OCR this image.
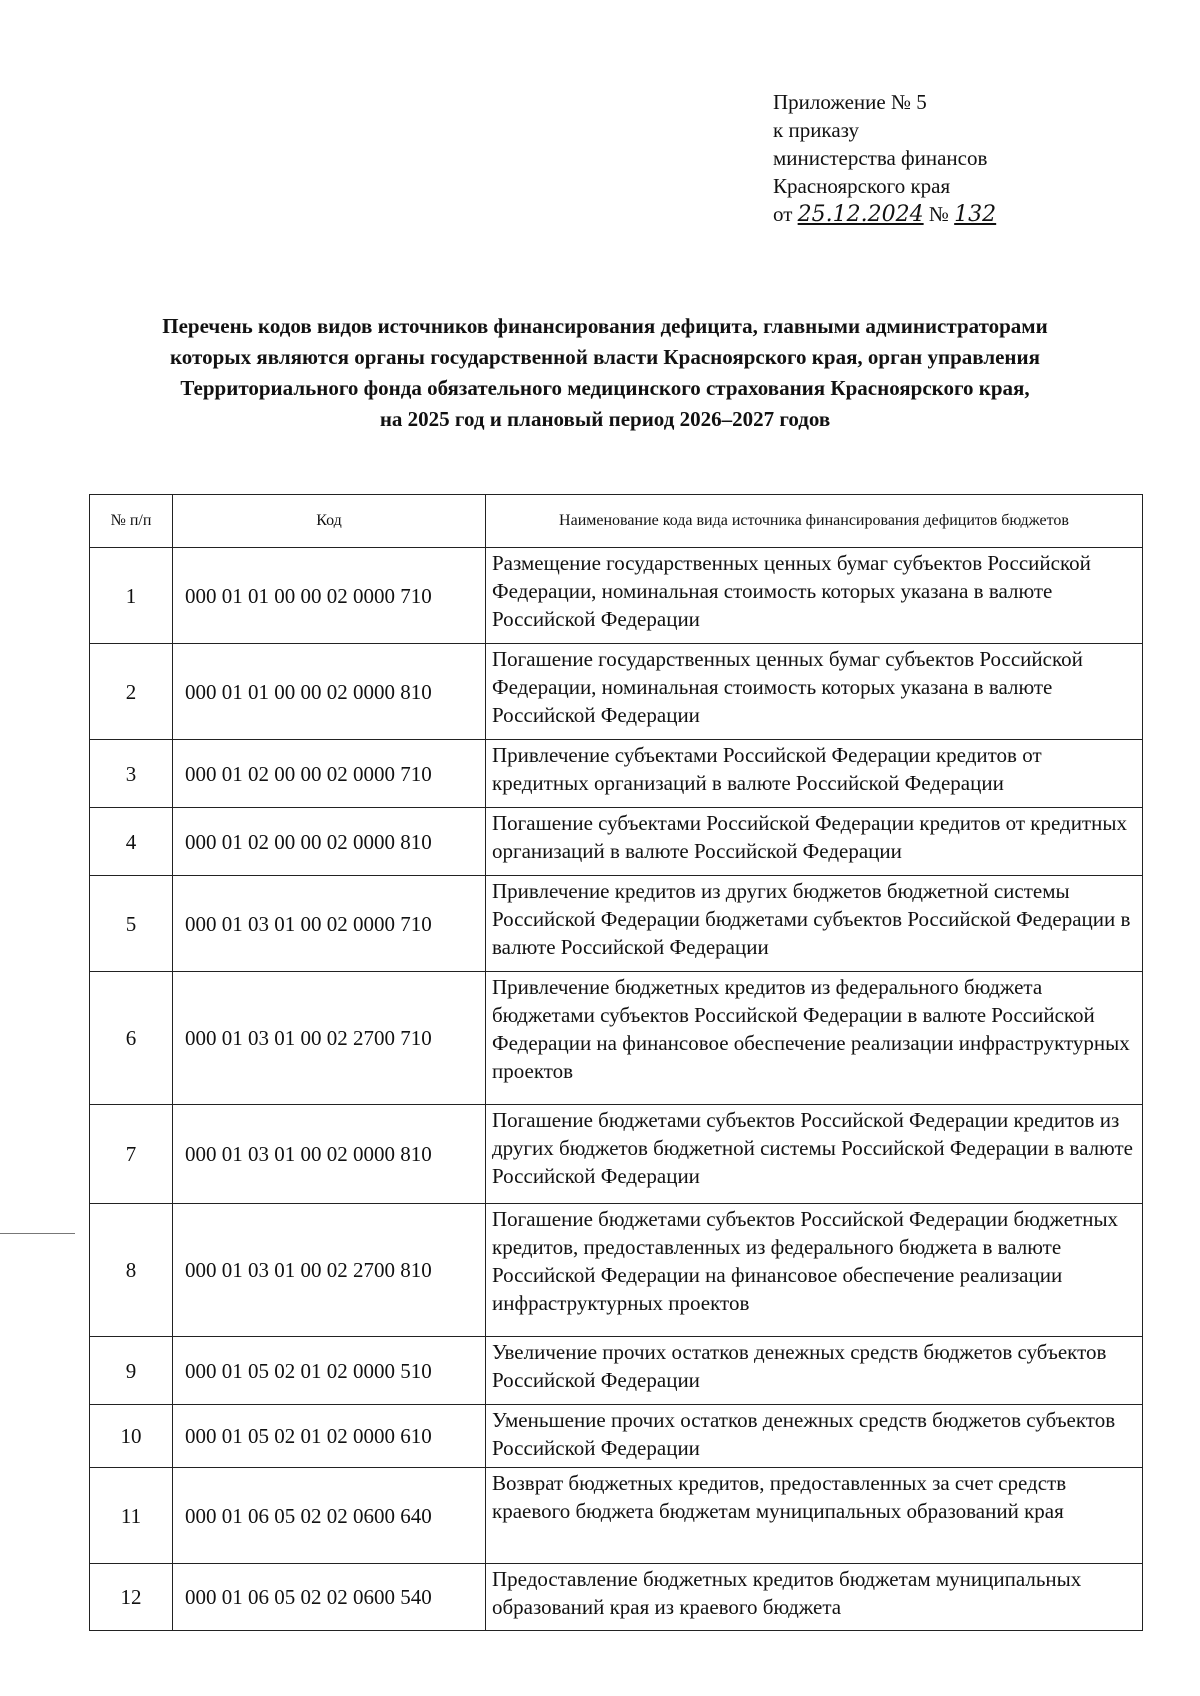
Приложение № 5
к приказу
министерства финансов
Красноярского края
от 25.12.2024 № 132
Перечень кодов видов источников финансирования дефицита, главными администраторами
которых являются органы государственной власти Красноярского края, орган управления
Территориального фонда обязательного медицинского страхования Красноярского края,
на 2025 год и плановый период 2026–2027 годов
№ п/п	Код	Наименование кода вида источника финансирования дефицитов бюджетов
1	000 01 01 00 00 02 0000 710	Размещение государственных ценных бумаг субъектов Российской Федерации, номинальная стоимость которых указана в валюте Российской Федерации
2	000 01 01 00 00 02 0000 810	Погашение государственных ценных бумаг субъектов Российской Федерации, номинальная стоимость которых указана в валюте Российской Федерации
3	000 01 02 00 00 02 0000 710	Привлечение субъектами Российской Федерации кредитов от кредитных организаций в валюте Российской Федерации
4	000 01 02 00 00 02 0000 810	Погашение субъектами Российской Федерации кредитов от кредитных организаций в валюте Российской Федерации
5	000 01 03 01 00 02 0000 710	Привлечение кредитов из других бюджетов бюджетной системы Российской Федерации бюджетами субъектов Российской Федерации в валюте Российской Федерации
6	000 01 03 01 00 02 2700 710	Привлечение бюджетных кредитов из федерального бюджета бюджетами субъектов Российской Федерации в валюте Российской Федерации на финансовое обеспечение реализации инфраструктурных проектов
7	000 01 03 01 00 02 0000 810	Погашение бюджетами субъектов Российской Федерации кредитов из других бюджетов бюджетной системы Российской Федерации в валюте Российской Федерации
8	000 01 03 01 00 02 2700 810	Погашение бюджетами субъектов Российской Федерации бюджетных кредитов, предоставленных из федерального бюджета в валюте Российской Федерации на финансовое обеспечение реализации инфраструктурных проектов
9	000 01 05 02 01 02 0000 510	Увеличение прочих остатков денежных средств бюджетов субъектов Российской Федерации
10	000 01 05 02 01 02 0000 610	Уменьшение прочих остатков денежных средств бюджетов субъектов Российской Федерации
11	000 01 06 05 02 02 0600 640	Возврат бюджетных кредитов, предоставленных за счет средств краевого бюджета бюджетам муниципальных образований края
12	000 01 06 05 02 02 0600 540	Предоставление бюджетных кредитов бюджетам муниципальных образований края из краевого бюджета
